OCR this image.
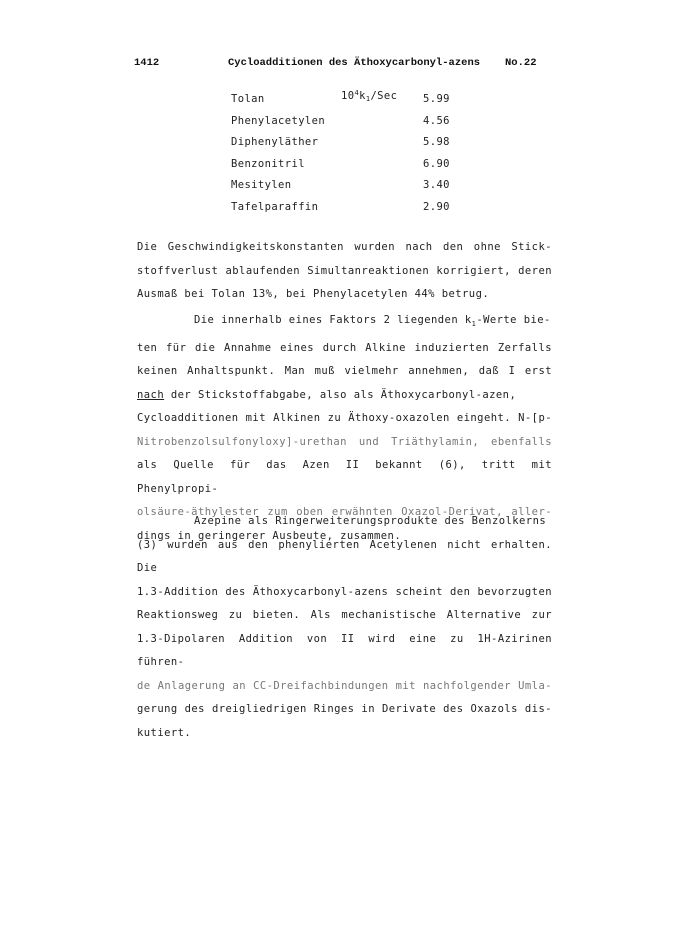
1412	Cycloadditionen des Äthoxycarbonyl-azens No.22
$10^4k_1$/Sec
Tolan	5.99
Phenylacetylen	4.56
Diphenyläther	5.98
Benzonitril	6.90
Mesitylen	3.40
Tafelparaffin	2.90
Die Geschwindigkeitskonstanten wurden nach den ohne Stick-
stoffverlust ablaufenden Simultanreaktionen korrigiert, deren
Ausmaß bei Tolan 13%, bei Phenylacetylen 44% betrug.
Die innerhalb eines Faktors 2 liegenden $k_1$-Werte bie-
ten für die Annahme eines durch Alkine induzierten Zerfalls
keinen Anhaltspunkt. Man muß vielmehr annehmen, daß I erst
nach der Stickstoffabgabe, also als Äthoxycarbonyl-azen,
Cycloadditionen mit Alkinen zu Äthoxy-oxazolen eingeht. N-[p-
Nitrobenzolsulfonyloxy]-urethan und Triäthylamin, ebenfalls
als Quelle für das Azen II bekannt (6), tritt mit Phenylpropi-
olsäure-äthylester zum oben erwähnten Oxazol-Derivat, aller-
dings in geringerer Ausbeute, zusammen.
Azepine als Ringerweiterungsprodukte des Benzolkerns
(3) wurden aus den phenylierten Acetylenen nicht erhalten. Die
1.3-Addition des Äthoxycarbonyl-azens scheint den bevorzugten
Reaktionsweg zu bieten. Als mechanistische Alternative zur
1.3-Dipolaren Addition von II wird eine zu 1H-Azirinen führen-
de Anlagerung an CC-Dreifachbindungen mit nachfolgender Umla-
gerung des dreigliedrigen Ringes in Derivate des Oxazols dis-
kutiert.
